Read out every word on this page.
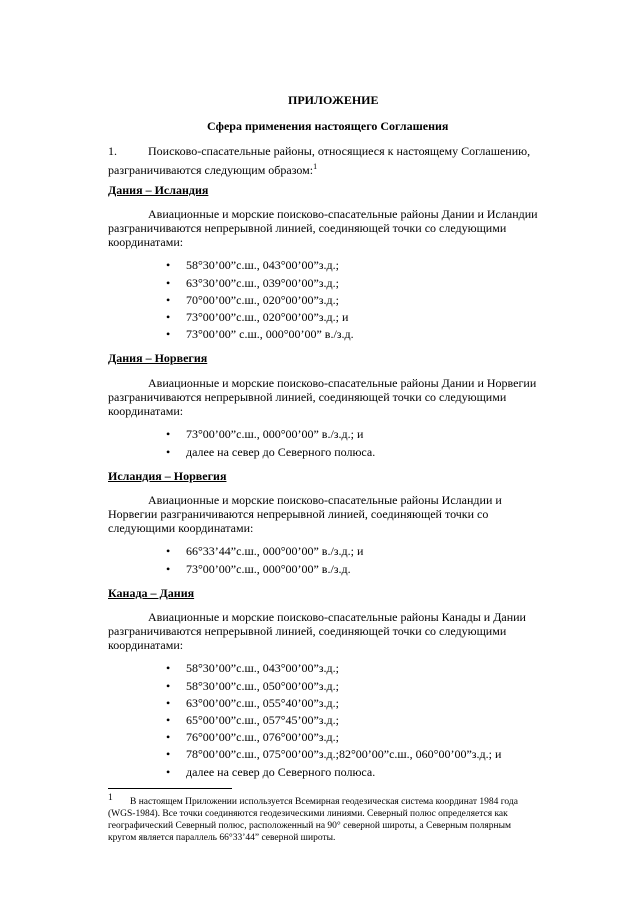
ПРИЛОЖЕНИЕ
Сфера применения настоящего Соглашения
1.	Поисково-спасательные районы, относящиеся к настоящему Соглашению,
разграничиваются следующим образом:$^1$
Дания – Исландия
Авиационные и морские поисково-спасательные районы Дании и Исландии
разграничиваются непрерывной линией, соединяющей точки со следующими
координатами:
• 58°30’00”с.ш., 043°00’00”з.д.;
• 63°30’00”с.ш., 039°00’00”з.д.;
• 70°00’00”с.ш., 020°00’00”з.д.;
• 73°00’00”с.ш., 020°00’00”з.д.; и
• 73°00’00” с.ш., 000°00’00” в./з.д.
Дания – Норвегия
Авиационные и морские поисково-спасательные районы Дании и Норвегии
разграничиваются непрерывной линией, соединяющей точки со следующими
координатами:
• 73°00’00”с.ш., 000°00’00” в./з.д.; и
• далее на север до Северного полюса.
Исландия – Норвегия
Авиационные и морские поисково-спасательные районы Исландии и
Норвегии разграничиваются непрерывной линией, соединяющей точки со
следующими координатами:
• 66°33’44”с.ш., 000°00’00” в./з.д.; и
• 73°00’00”с.ш., 000°00’00” в./з.д.
Канада – Дания
Авиационные и морские поисково-спасательные районы Канады и Дании
разграничиваются непрерывной линией, соединяющей точки со следующими
координатами:
• 58°30’00”с.ш., 043°00’00”з.д.;
• 58°30’00”с.ш., 050°00’00”з.д.;
• 63°00’00”с.ш., 055°40’00”з.д.;
• 65°00’00”с.ш., 057°45’00”з.д.;
• 76°00’00”с.ш., 076°00’00”з.д.;
• 78°00’00”с.ш., 075°00’00”з.д.;82°00’00”с.ш., 060°00’00”з.д.; и
• далее на север до Северного полюса.
1 В настоящем Приложении используется Всемирная геодезическая система координат 1984 года
(WGS-1984). Все точки соединяются геодезическими линиями. Северный полюс определяется как
географический Северный полюс, расположенный на 90° северной широты, а Северным полярным
кругом является параллель 66°33’44” северной широты.
